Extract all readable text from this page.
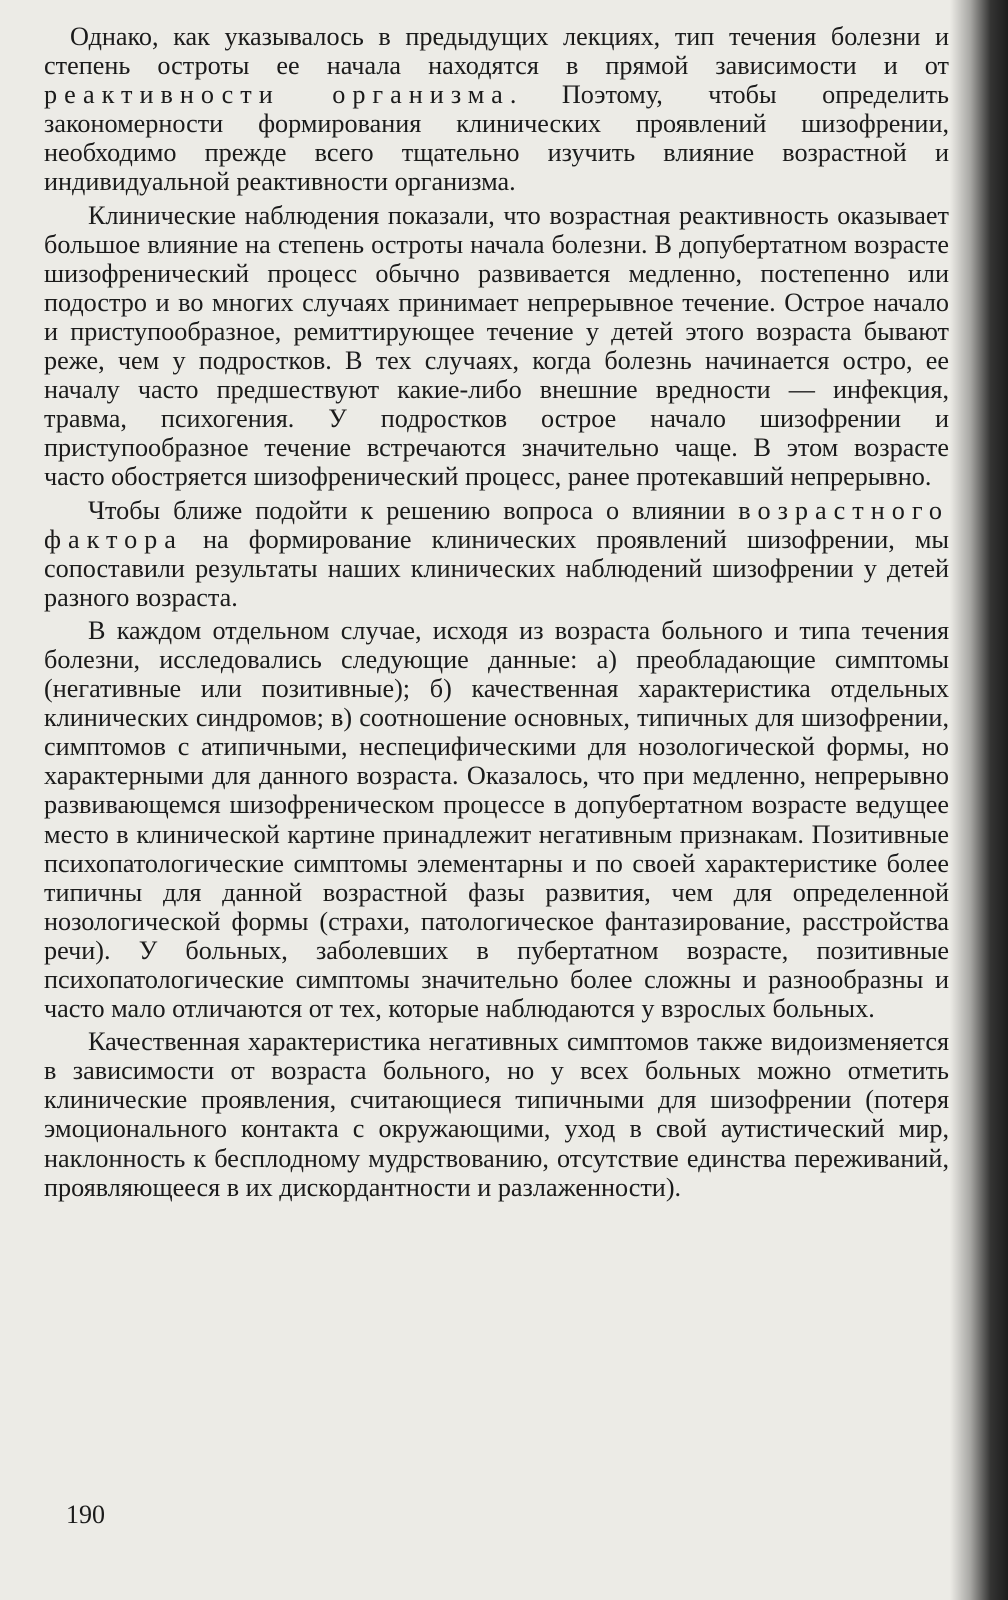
Однако, как указывалось в предыдущих лекциях, тип течения болезни и степень остроты ее начала находятся в прямой зависимости и от реактивности организма. Поэтому, чтобы определить закономерности формирования клинических проявлений шизофрении, необходимо прежде всего тщательно изучить влияние возрастной и индивидуальной реактивности организма.

Клинические наблюдения показали, что возрастная реактивность оказывает большое влияние на степень остроты начала болезни. В допубертатном возрасте шизофренический процесс обычно развивается медленно, постепенно или подостро и во многих случаях принимает непрерывное течение. Острое начало и приступообразное, ремиттирующее течение у детей этого возраста бывают реже, чем у подростков. В тех случаях, когда болезнь начинается остро, ее началу часто предшествуют какие-либо внешние вредности — инфекция, травма, психогения. У подростков острое начало шизофрении и приступообразное течение встречаются значительно чаще. В этом возрасте часто обостряется шизофренический процесс, ранее протекавший непрерывно.

Чтобы ближе подойти к решению вопроса о влиянии возрастного фактора на формирование клинических проявлений шизофрении, мы сопоставили результаты наших клинических наблюдений шизофрении у детей разного возраста.

В каждом отдельном случае, исходя из возраста больного и типа течения болезни, исследовались следующие данные: а) преобладающие симптомы (негативные или позитивные); б) качественная характеристика отдельных клинических синдромов; в) соотношение основных, типичных для шизофрении, симптомов с атипичными, неспецифическими для нозологической формы, но характерными для данного возраста. Оказалось, что при медленно, непрерывно развивающемся шизофреническом процессе в допубертатном возрасте ведущее место в клинической картине принадлежит негативным признакам. Позитивные психопатологические симптомы элементарны и по своей характеристике более типичны для данной возрастной фазы развития, чем для определенной нозологической формы (страхи, патологическое фантазирование, расстройства речи). У больных, заболевших в пубертатном возрасте, позитивные психопатологические симптомы значительно более сложны и разнообразны и часто мало отличаются от тех, которые наблюдаются у взрослых больных.

Качественная характеристика негативных симптомов также видоизменяется в зависимости от возраста больного, но у всех больных можно отметить клинические проявления, считающиеся типичными для шизофрении (потеря эмоционального контакта с окружающими, уход в свой аутистический мир, наклонность к бесплодному мудрствованию, отсутствие единства переживаний, проявляющееся в их дискордантности и разлаженности).

190
